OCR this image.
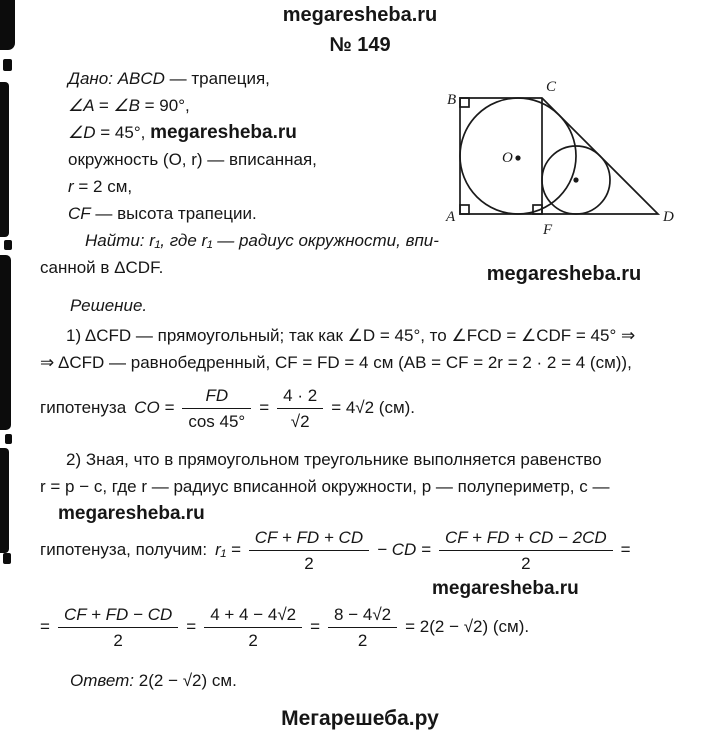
megaresheba.ru
№ 149
B
C
A
F
D
O
megaresheba.ru
Дано: ABCD — трапеция,
∠A = ∠B = 90°,
∠D = 45°, megaresheba.ru
окружность (O, r) — вписанная,
r = 2 см,
CF — высота трапеции.
Найти: r₁, где r₁ — радиус окружности, впи-
санной в ΔCDF.
Решение.
1) ΔCFD — прямоугольный; так как ∠D = 45°, то ∠FCD = ∠CDF = 45° ⇒
⇒ ΔCFD — равнобедренный, CF = FD = 4 см (AB = CF = 2r = 2 · 2 = 4 (см)),
гипотенуза CO = $\frac{FD}{\cos 45^\circ} = \frac{4 \cdot 2}{√2} = 4√2$ (см).
2) Зная, что в прямоугольном треугольнике выполняется равенство
r = p − c, где r — радиус вписанной окружности, p — полупериметр, c —
megaresheba.ru
гипотенуза, получим: $r_1 = \frac{CF + FD + CD}{2}$ − CD = $\frac{CF + FD + CD - 2CD}{2}$ =
megaresheba.ru
= $\frac{CF + FD - CD}{2} = \frac{4 + 4 - 4√2}{2} = \frac{8 - 4√2}{2} = 2(2 - √2)$ (см).
Ответ: 2(2 − √2) см.
Мегарешеба.ру
